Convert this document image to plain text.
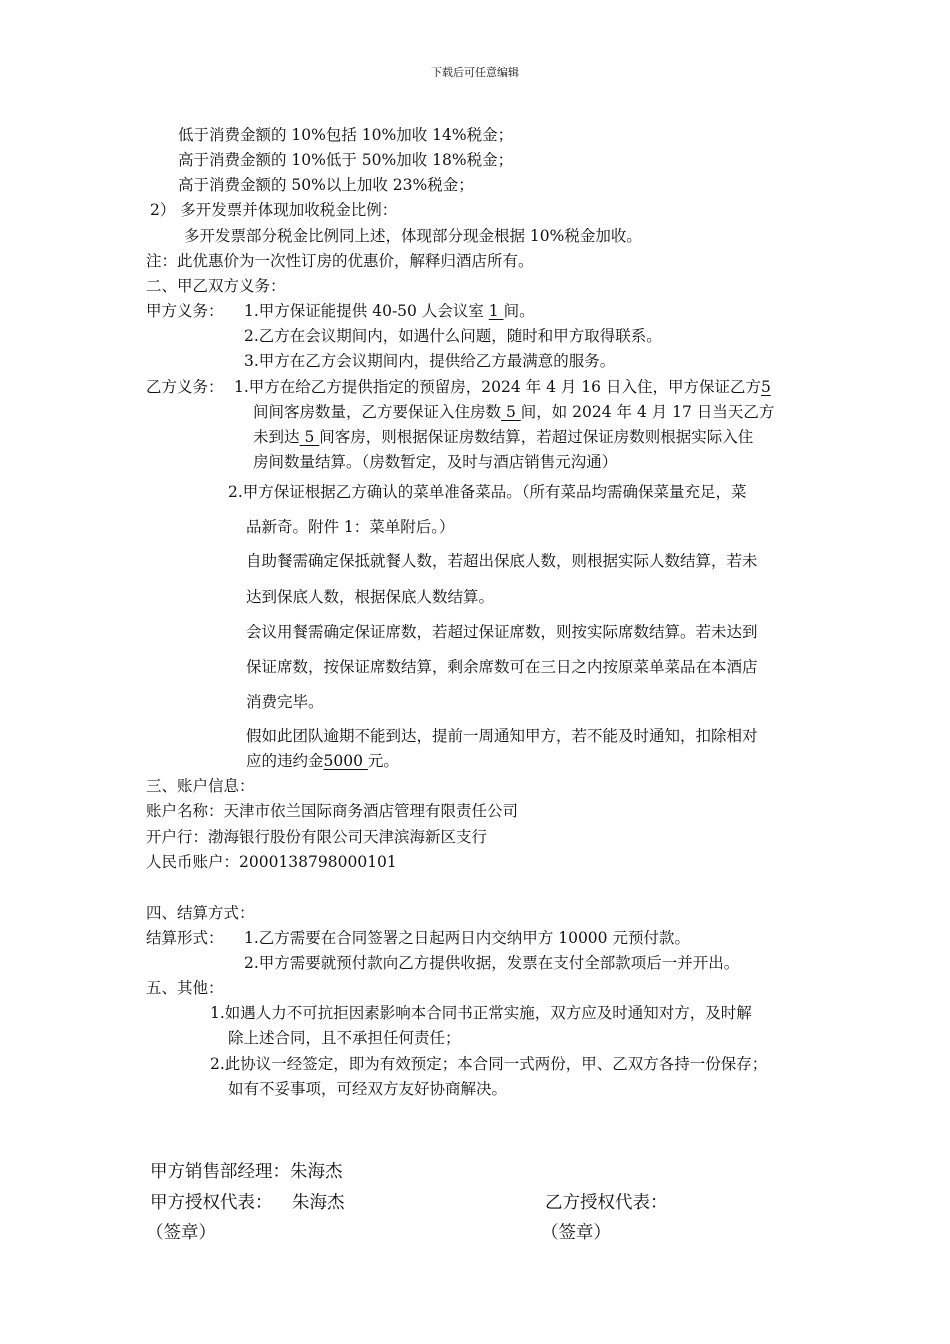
下载后可任意编辑
低于消费金额的 10%包括 10%加收 14%税金；
高于消费金额的 10%低于 50%加收 18%税金；
高于消费金额的 50%以上加收 23%税金；
2） 多开发票并体现加收税金比例：
多开发票部分税金比例同上述，体现部分现金根据 10%税金加收。
注：此优惠价为一次性订房的优惠价，解释归酒店所有。
二、甲乙双方义务：
甲方义务： 1.甲方保证能提供 40-50 人会议室 1 间。
2.乙方在会议期间内，如遇什么问题，随时和甲方取得联系。
3.甲方在乙方会议期间内，提供给乙方最满意的服务。
乙方义务： 1.甲方在给乙方提供指定的预留房，2024 年 4 月 16 日入住，甲方保证乙方5
间间客房数量，乙方要保证入住房数 5 间，如 2024 年 4 月 17 日当天乙方
未到达 5 间客房，则根据保证房数结算，若超过保证房数则根据实际入住
房间数量结算。（房数暂定，及时与酒店销售元沟通）
2.甲方保证根据乙方确认的菜单准备菜品。（所有菜品均需确保菜量充足，菜
品新奇。附件 1：菜单附后。）
自助餐需确定保抵就餐人数，若超出保底人数，则根据实际人数结算，若未
达到保底人数，根据保底人数结算。
会议用餐需确定保证席数，若超过保证席数，则按实际席数结算。若未达到
保证席数，按保证席数结算，剩余席数可在三日之内按原菜单菜品在本酒店
消费完毕。
假如此团队逾期不能到达，提前一周通知甲方，若不能及时通知，扣除相对
应的违约金5000 元。
三、账户信息：
账户名称：天津市依兰国际商务酒店管理有限责任公司
开户行：渤海银行股份有限公司天津滨海新区支行
人民币账户：2000138798000101
四、结算方式：
结算形式： 1.乙方需要在合同签署之日起两日内交纳甲方 10000 元预付款。
2.甲方需要就预付款向乙方提供收据，发票在支付全部款项后一并开出。
五、其他：
1.如遇人力不可抗拒因素影响本合同书正常实施，双方应及时通知对方，及时解
除上述合同，且不承担任何责任；
2.此协议一经签定，即为有效预定；本合同一式两份，甲、乙双方各持一份保存；
如有不妥事项，可经双方友好协商解决。
甲方销售部经理：朱海杰
甲方授权代表： 朱海杰	乙方授权代表：
（签章）	（签章）
